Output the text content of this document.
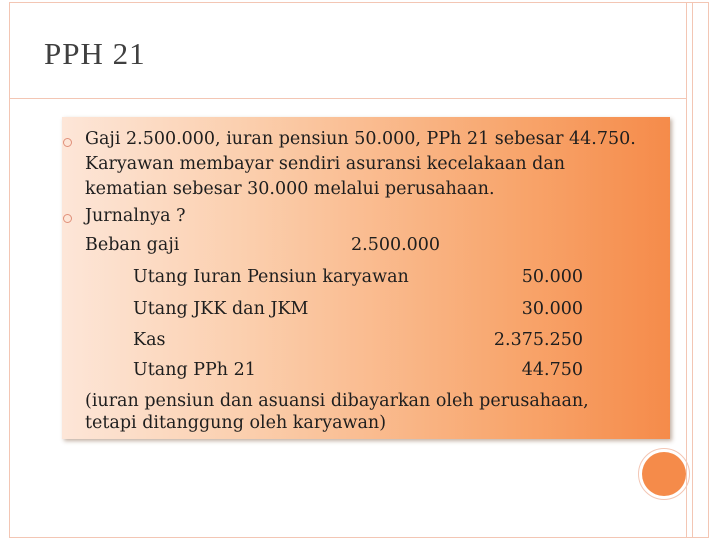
PPH 21
Gaji 2.500.000, iuran pensiun 50.000, PPh 21 sebesar 44.750.
Karyawan membayar sendiri asuransi kecelakaan dan
kematian sebesar 30.000 melalui perusahaan.
Jurnalnya ?
Beban gaji	2.500.000
Utang Iuran Pensiun karyawan	50.000
Utang JKK dan JKM	30.000
Kas	2.375.250
Utang PPh 21	44.750
(iuran pensiun dan asuansi dibayarkan oleh perusahaan,
tetapi ditanggung oleh karyawan)
